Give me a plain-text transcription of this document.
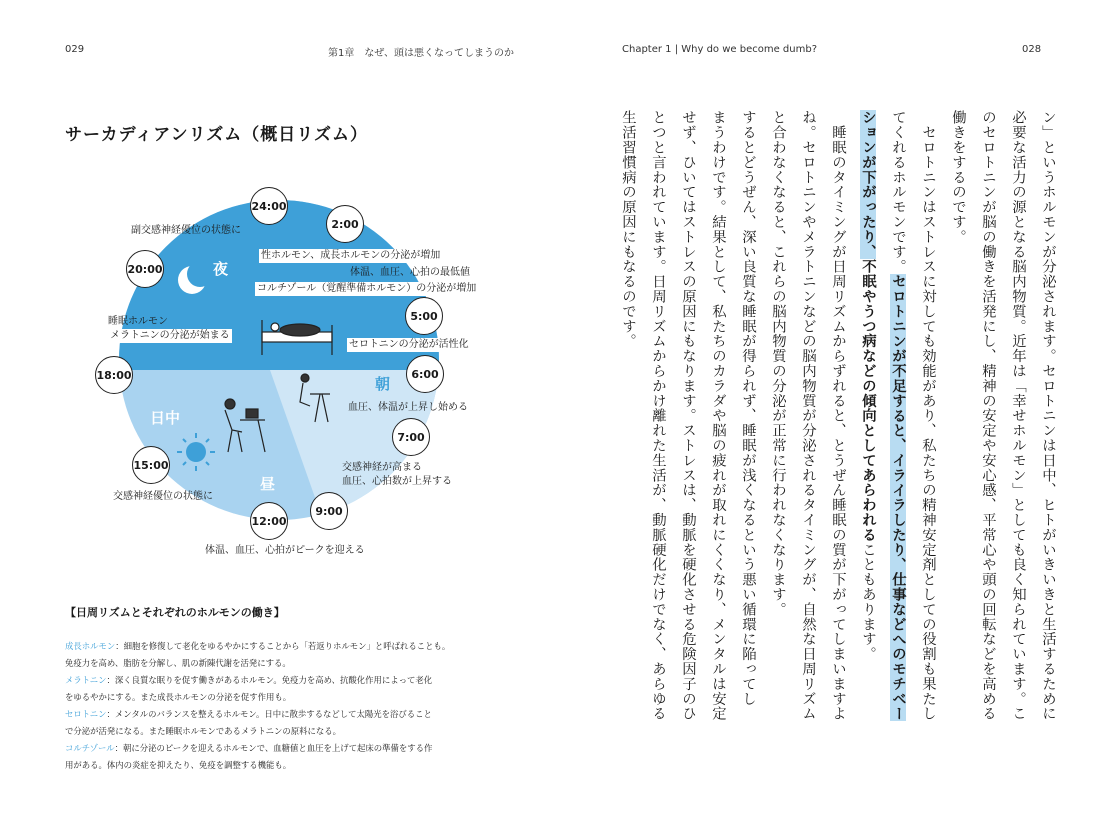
029	第1章　なぜ、頭は悪くなってしまうのか
サーカディアンリズム（概日リズム）
夜
朝
日中
昼
24:00
2:00
5:00
6:00
7:00
9:00
12:00
15:00
18:00
20:00
副交感神経優位の状態に
性ホルモン、成長ホルモンの分泌が増加
体温、血圧、心拍の最低値
コルチゾール（覚醒準備ホルモン）の分泌が増加
睡眠ホルモン
メラトニンの分泌が始まる
セロトニンの分泌が活性化
血圧、体温が上昇し始める
交感神経が高まる
血圧、心拍数が上昇する
交感神経優位の状態に
体温、血圧、心拍がピークを迎える
【日周リズムとそれぞれのホルモンの働き】
成長ホルモン：細胞を修復して老化をゆるやかにすることから「若返りホルモン」と呼ばれることも。
免疫力を高め、脂肪を分解し、肌の新陳代謝を活発にする。
メラトニン：深く良質な眠りを促す働きがあるホルモン。免疫力を高め、抗酸化作用によって老化
をゆるやかにする。また成長ホルモンの分泌を促す作用も。
セロトニン：メンタルのバランスを整えるホルモン。日中に散歩するなどして太陽光を浴びること
で分泌が活発になる。また睡眠ホルモンであるメラトニンの原料になる。
コルチゾール：朝に分泌のピークを迎えるホルモンで、血糖値と血圧を上げて起床の準備をする作
用がある。体内の炎症を抑えたり、免疫を調整する機能も。
Chapter 1 | Why do we become dumb?	028
ン」というホルモンが分泌されます。セロトニンは日中、ヒトがいきいきと生活するために
必要な活力の源となる脳内物質。近年は「幸せホルモン」としても良く知られています。こ
のセロトニンが脳の働きを活発にし、精神の安定や安心感、平常心や頭の回転などを高める
働きをするのです。
　セロトニンはストレスに対しても効能があり、私たちの精神安定剤としての役割も果たし
てくれるホルモンです。セロトニンが不足すると、イライラしたり、仕事などへのモチベー
ションが下がったり、不眠やうつ病などの傾向としてあらわれることもあります。
　睡眠のタイミングが日周リズムからずれると、とうぜん睡眠の質が下がってしまいますよ
ね。セロトニンやメラトニンなどの脳内物質が分泌されるタイミングが、自然な日周リズム
と合わなくなると、これらの脳内物質の分泌が正常に行われなくなります。
するとどうぜん、深い良質な睡眠が得られず、睡眠が浅くなるという悪い循環に陥ってし
まうわけです。結果として、私たちのカラダや脳の疲れが取れにくくなり、メンタルは安定
せず、ひいてはストレスの原因にもなります。ストレスは、動脈を硬化させる危険因子のひ
とつと言われています。日周リズムからかけ離れた生活が、動脈硬化だけでなく、あらゆる
生活習慣病の原因にもなるのです。
